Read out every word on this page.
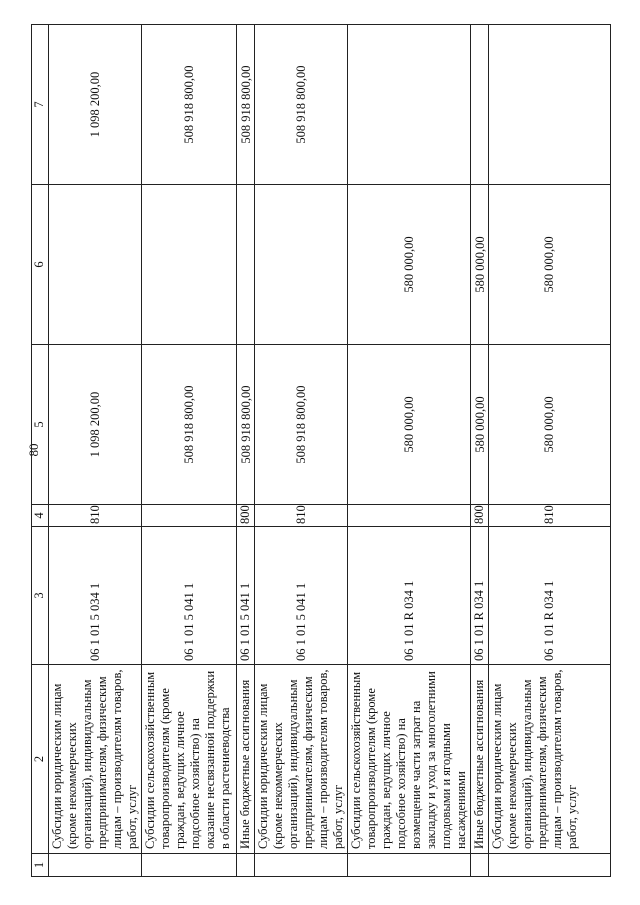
80
1	2	3	4	5	6	7
	Субсидии юридическим лицам (кроме некоммерческих организаций), индивидуальным предпринимателям, физическим лицам – производителям товаров, работ, услуг	06 1 01 5 034 1	810	1 098 200,00		1 098 200,00
	Субсидии сельскохозяйственным товаропроизводителям (кроме граждан, ведущих личное подсобное хозяйство) на оказание несвязанной поддержки в области растениеводства	06 1 01 5 041 1		508 918 800,00		508 918 800,00
	Иные бюджетные ассигнования	06 1 01 5 041 1	800	508 918 800,00		508 918 800,00
	Субсидии юридическим лицам (кроме некоммерческих организаций), индивидуальным предпринимателям, физическим лицам – производителям товаров, работ, услуг	06 1 01 5 041 1	810	508 918 800,00		508 918 800,00
	Субсидии сельскохозяйственным товаропроизводителям (кроме граждан, ведущих личное подсобное хозяйство) на возмещение части затрат на закладку и уход за многолетними плодовыми и ягодными насаждениями	06 1 01 R 034 1		580 000,00	580 000,00	
	Иные бюджетные ассигнования	06 1 01 R 034 1	800	580 000,00	580 000,00	
	Субсидии юридическим лицам (кроме некоммерческих организаций), индивидуальным предпринимателям, физическим лицам – производителям товаров, работ, услуг	06 1 01 R 034 1	810	580 000,00	580 000,00	
